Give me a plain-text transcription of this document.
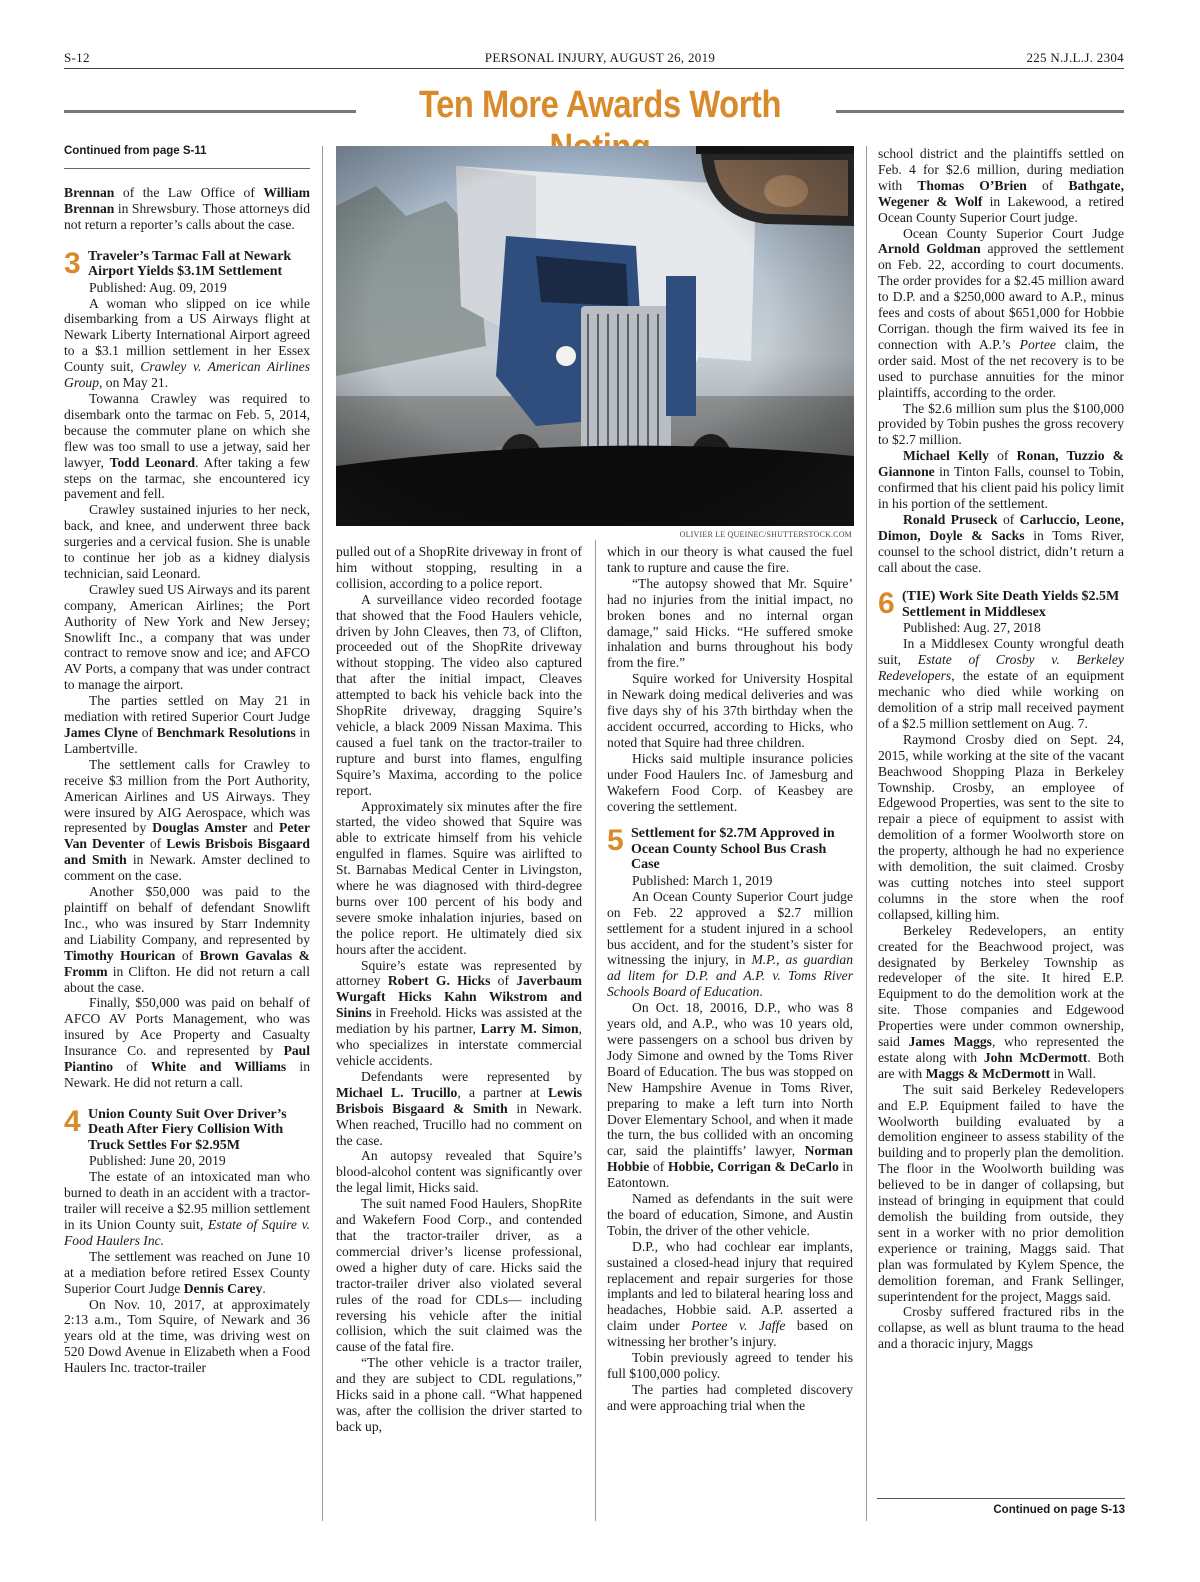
S-12	PERSONAL INJURY, AUGUST 26, 2019	225 N.J.L.J. 2304
Ten More Awards Worth
OLIVIER LE QUEINEC/SHUTTERSTOCK.COM
Continued from page S-11

Brennan of the Law Office of William Brennan in Shrewsbury. Those attorneys did not return a reporter’s calls about the case.

3 Traveler’s Tarmac Fall at Newark Airport Yields $3.1M Settlement

Published: Aug. 09, 2019

A woman who slipped on ice while disembarking from a US Airways flight at Newark Liberty International Airport agreed to a $3.1 million settlement in her Essex County suit, Crawley v. American Airlines Group, on May 21.

Towanna Crawley was required to disembark onto the tarmac on Feb. 5, 2014, because the commuter plane on which she flew was too small to use a jetway, said her lawyer, Todd Leonard. After taking a few steps on the tarmac, she encountered icy pavement and fell.

Crawley sustained injuries to her neck, back, and knee, and underwent three back surgeries and a cervical fusion. She is unable to continue her job as a kidney dialysis technician, said Leonard.

Crawley sued US Airways and its parent company, American Airlines; the Port Authority of New York and New Jersey; Snowlift Inc., a company that was under contract to remove snow and ice; and AFCO AV Ports, a company that was under contract to manage the airport.

The parties settled on May 21 in mediation with retired Superior Court Judge James Clyne of Benchmark Resolutions in Lambertville.

The settlement calls for Crawley to receive $3 million from the Port Authority, American Airlines and US Airways. They were insured by AIG Aerospace, which was represented by Douglas Amster and Peter Van Deventer of Lewis Brisbois Bisgaard and Smith in Newark. Amster declined to comment on the case.

Another $50,000 was paid to the plaintiff on behalf of defendant Snowlift Inc., who was insured by Starr Indemnity and Liability Company, and represented by Timothy Hourican of Brown Gavalas & Fromm in Clifton. He did not return a call about the case.

Finally, $50,000 was paid on behalf of AFCO AV Ports Management, who was insured by Ace Property and Casualty Insurance Co. and represented by Paul Piantino of White and Williams in Newark. He did not return a call.

4 Union County Suit Over Driver’s Death After Fiery Collision With Truck Settles For $2.95M

Published: June 20, 2019

The estate of an intoxicated man who burned to death in an accident with a tractor-trailer will receive a $2.95 million settlement in its Union County suit, Estate of Squire v. Food Haulers Inc.

The settlement was reached on June 10 at a mediation before retired Essex County Superior Court Judge Dennis Carey.

On Nov. 10, 2017, at approximately 2:13 a.m., Tom Squire, of Newark and 36 years old at the time, was driving west on 520 Dowd Avenue in Elizabeth when a Food Haulers Inc. tractor-trailer

pulled out of a ShopRite driveway in front of him without stopping, resulting in a collision, according to a police report.

A surveillance video recorded footage that showed that the Food Haulers vehicle, driven by John Cleaves, then 73, of Clifton, proceeded out of the ShopRite driveway without stopping. The video also captured that after the initial impact, Cleaves attempted to back his vehicle back into the ShopRite driveway, dragging Squire’s vehicle, a black 2009 Nissan Maxima. This caused a fuel tank on the tractor-trailer to rupture and burst into flames, engulfing Squire’s Maxima, according to the police report.

Approximately six minutes after the fire started, the video showed that Squire was able to extricate himself from his vehicle engulfed in flames. Squire was airlifted to St. Barnabas Medical Center in Livingston, where he was diagnosed with third-degree burns over 100 percent of his body and severe smoke inhalation injuries, based on the police report. He ultimately died six hours after the accident.

Squire’s estate was represented by attorney Robert G. Hicks of Javerbaum Wurgaft Hicks Kahn Wikstrom and Sinins in Freehold. Hicks was assisted at the mediation by his partner, Larry M. Simon, who specializes in interstate commercial vehicle accidents.

Defendants were represented by Michael L. Trucillo, a partner at Lewis Brisbois Bisgaard & Smith in Newark. When reached, Trucillo had no comment on the case.

An autopsy revealed that Squire’s blood-alcohol content was significantly over the legal limit, Hicks said.

The suit named Food Haulers, ShopRite and Wakefern Food Corp., and contended that the tractor-trailer driver, as a commercial driver’s license professional, owed a higher duty of care. Hicks said the tractor-trailer driver also violated several rules of the road for CDLs— including reversing his vehicle after the initial collision, which the suit claimed was the cause of the fatal fire.

“The other vehicle is a tractor trailer, and they are subject to CDL regulations,” Hicks said in a phone call. “What happened was, after the collision the driver started to back up,

which in our theory is what caused the fuel tank to rupture and cause the fire.

“The autopsy showed that Mr. Squire’ had no injuries from the initial impact, no broken bones and no internal organ damage,” said Hicks. “He suffered smoke inhalation and burns throughout his body from the fire.”

Squire worked for University Hospital in Newark doing medical deliveries and was five days shy of his 37th birthday when the accident occurred, according to Hicks, who noted that Squire had three children.

Hicks said multiple insurance policies under Food Haulers Inc. of Jamesburg and Wakefern Food Corp. of Keasbey are covering the settlement.

5 Settlement for $2.7M Approved in Ocean County School Bus Crash Case

Published: March 1, 2019

An Ocean County Superior Court judge on Feb. 22 approved a $2.7 million settlement for a student injured in a school bus accident, and for the student’s sister for witnessing the injury, in M.P., as guardian ad litem for D.P. and A.P. v. Toms River Schools Board of Education.

On Oct. 18, 20016, D.P., who was 8 years old, and A.P., who was 10 years old, were passengers on a school bus driven by Jody Simone and owned by the Toms River Board of Education. The bus was stopped on New Hampshire Avenue in Toms River, preparing to make a left turn into North Dover Elementary School, and when it made the turn, the bus collided with an oncoming car, said the plaintiffs’ lawyer, Norman Hobbie of Hobbie, Corrigan & DeCarlo in Eatontown.

Named as defendants in the suit were the board of education, Simone, and Austin Tobin, the driver of the other vehicle.

D.P., who had cochlear ear implants, sustained a closed-head injury that required replacement and repair surgeries for those implants and led to bilateral hearing loss and headaches, Hobbie said. A.P. asserted a claim under Portee v. Jaffe based on witnessing her brother’s injury.

Tobin previously agreed to tender his full $100,000 policy.

The parties had completed discovery and were approaching trial when the

school district and the plaintiffs settled on Feb. 4 for $2.6 million, during mediation with Thomas O’Brien of Bathgate, Wegener & Wolf in Lakewood, a retired Ocean County Superior Court judge.

Ocean County Superior Court Judge Arnold Goldman approved the settlement on Feb. 22, according to court documents. The order provides for a $2.45 million award to D.P. and a $250,000 award to A.P., minus fees and costs of about $651,000 for Hobbie Corrigan. though the firm waived its fee in connection with A.P.’s Portee claim, the order said. Most of the net recovery is to be used to purchase annuities for the minor plaintiffs, according to the order.

The $2.6 million sum plus the $100,000 provided by Tobin pushes the gross recovery to $2.7 million.

Michael Kelly of Ronan, Tuzzio & Giannone in Tinton Falls, counsel to Tobin, confirmed that his client paid his policy limit in his portion of the settlement.

Ronald Pruseck of Carluccio, Leone, Dimon, Doyle & Sacks in Toms River, counsel to the school district, didn’t return a call about the case.

6 (TIE) Work Site Death Yields $2.5M Settlement in Middlesex

Published: Aug. 27, 2018

In a Middlesex County wrongful death suit, Estate of Crosby v. Berkeley Redevelopers, the estate of an equipment mechanic who died while working on demolition of a strip mall received payment of a $2.5 million settlement on Aug. 7.

Raymond Crosby died on Sept. 24, 2015, while working at the site of the vacant Beachwood Shopping Plaza in Berkeley Township. Crosby, an employee of Edgewood Properties, was sent to the site to repair a piece of equipment to assist with demolition of a former Woolworth store on the property, although he had no experience with demolition, the suit claimed. Crosby was cutting notches into steel support columns in the store when the roof collapsed, killing him.

Berkeley Redevelopers, an entity created for the Beachwood project, was designated by Berkeley Township as redeveloper of the site. It hired E.P. Equipment to do the demolition work at the site. Those companies and Edgewood Properties were under common ownership, said James Maggs, who represented the estate along with John McDermott. Both are with Maggs & McDermott in Wall.

The suit said Berkeley Redevelopers and E.P. Equipment failed to have the Woolworth building evaluated by a demolition engineer to assess stability of the building and to properly plan the demolition. The floor in the Woolworth building was believed to be in danger of collapsing, but instead of bringing in equipment that could demolish the building from outside, they sent in a worker with no prior demolition experience or training, Maggs said. That plan was formulated by Kylem Spence, the demolition foreman, and Frank Sellinger, superintendent for the project, Maggs said.

Crosby suffered fractured ribs in the collapse, as well as blunt trauma to the head and a thoracic injury, Maggs

Continued on page S-13
